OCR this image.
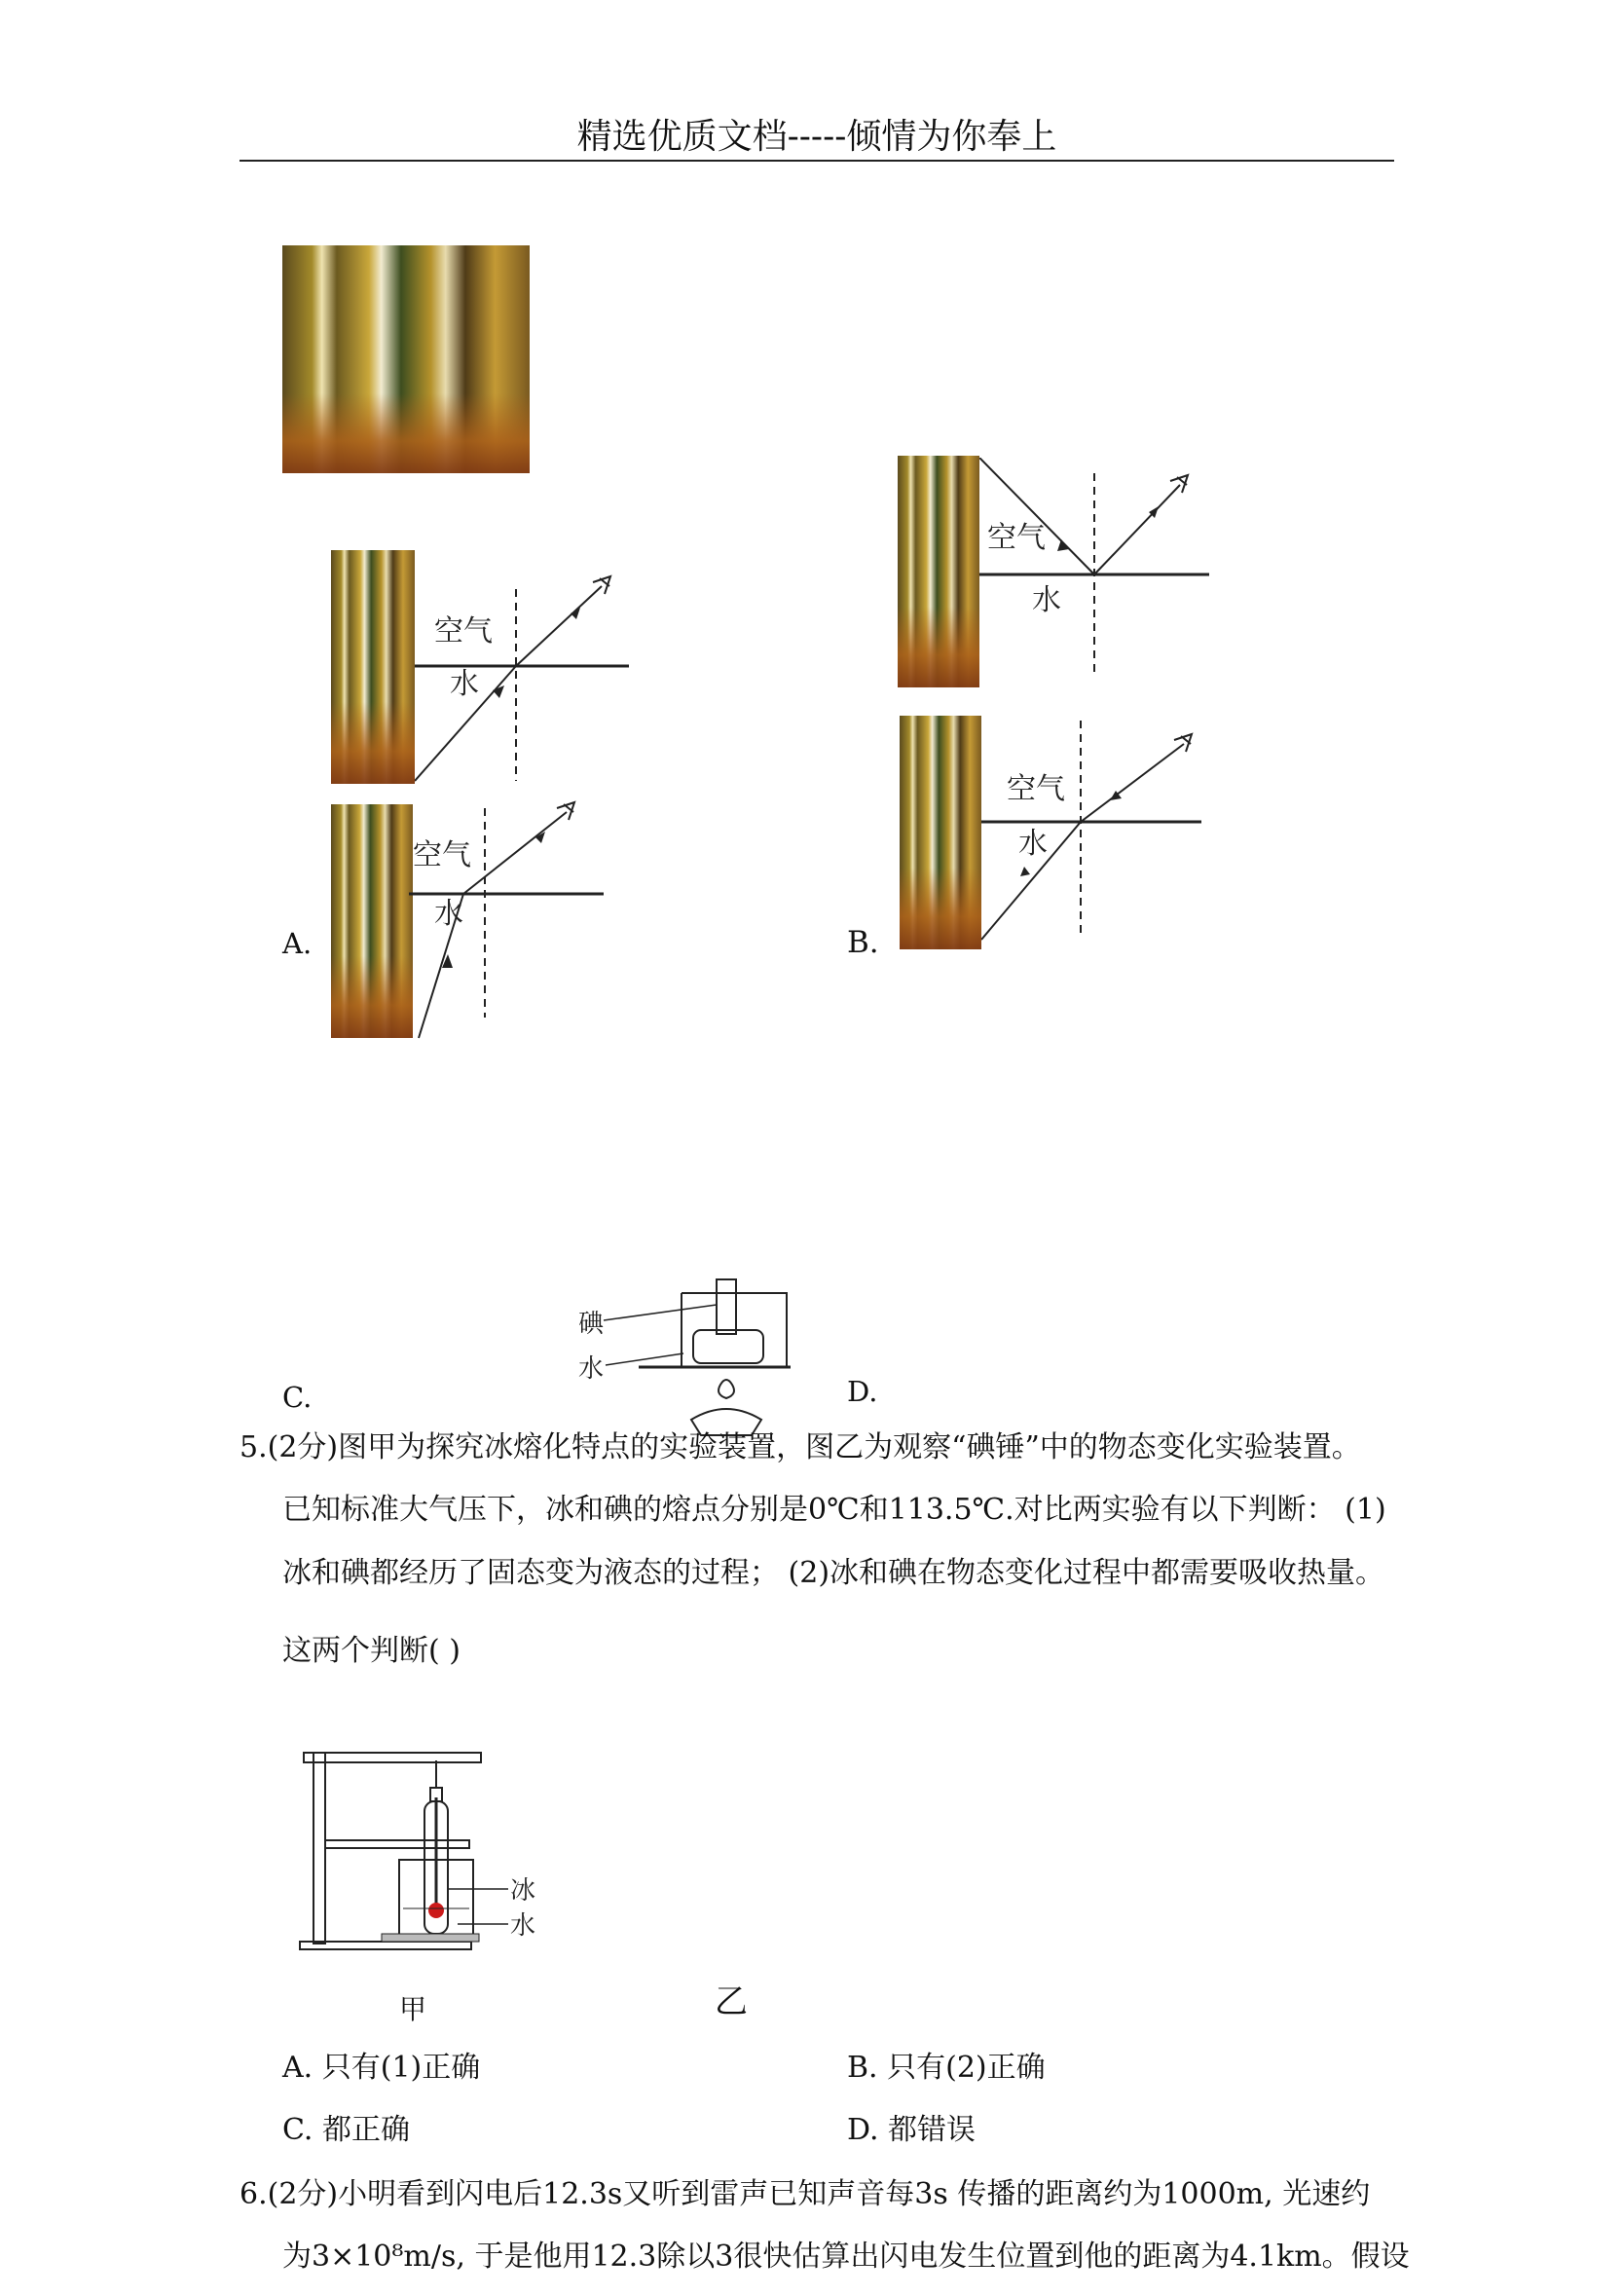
精选优质文档-----倾情为你奉上
空气
水
空气
水
A.
空气
水
空气
水
B.
C.	D.
碘
水
5.(2分)图甲为探究冰熔化特点的实验装置，图乙为观察“碘锤”中的物态变化实验装置。
已知标准大气压下，冰和碘的熔点分别是0℃和113.5℃.对比两实验有以下判断： (1)
冰和碘都经历了固态变为液态的过程； (2)冰和碘在物态变化过程中都需要吸收热量。
这两个判断( )
冰
水
甲	乙
A. 只有(1)正确	B. 只有(2)正确
C. 都正确	D. 都错误
6.(2分)小明看到闪电后12.3s又听到雷声已知声音每3s 传播的距离约为1000m, 光速约
为3×10⁸m/s, 于是他用12.3除以3很快估算出闪电发生位置到他的距离为4.1km。假设
